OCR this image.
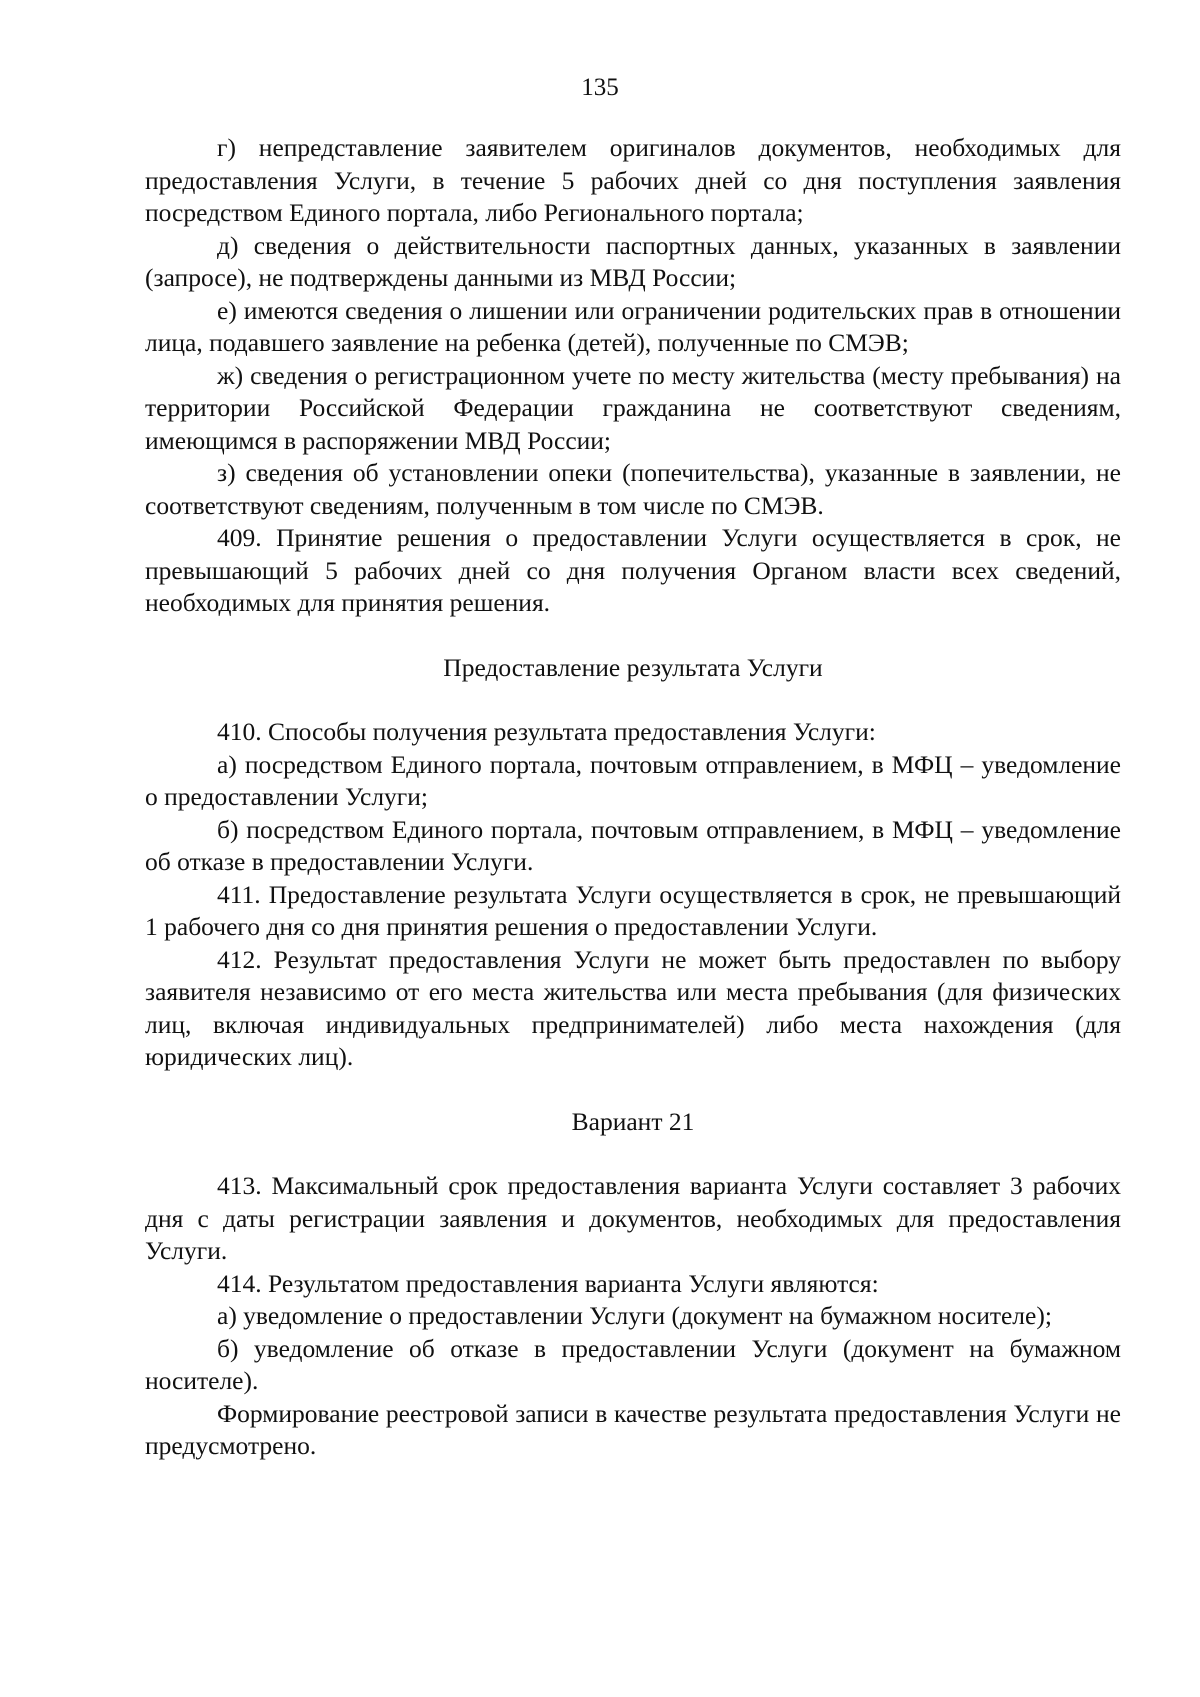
135

г) непредставление заявителем оригиналов документов, необходимых для предоставления Услуги, в течение 5 рабочих дней со дня поступления заявления посредством Единого портала, либо Регионального портала;

д) сведения о действительности паспортных данных, указанных в заявлении (запросе), не подтверждены данными из МВД России;

е) имеются сведения о лишении или ограничении родительских прав в отношении лица, подавшего заявление на ребенка (детей), полученные по СМЭВ;

ж) сведения о регистрационном учете по месту жительства (месту пребывания) на территории Российской Федерации гражданина не соответствуют сведениям, имеющимся в распоряжении МВД России;

з) сведения об установлении опеки (попечительства), указанные в заявлении, не соответствуют сведениям, полученным в том числе по СМЭВ.

409. Принятие решения о предоставлении Услуги осуществляется в срок, не превышающий 5 рабочих дней со дня получения Органом власти всех сведений, необходимых для принятия решения.

Предоставление результата Услуги

410. Способы получения результата предоставления Услуги:

а) посредством Единого портала, почтовым отправлением, в МФЦ – уведомление о предоставлении Услуги;

б) посредством Единого портала, почтовым отправлением, в МФЦ – уведомление об отказе в предоставлении Услуги.

411. Предоставление результата Услуги осуществляется в срок, не превышающий 1 рабочего дня со дня принятия решения о предоставлении Услуги.

412. Результат предоставления Услуги не может быть предоставлен по выбору заявителя независимо от его места жительства или места пребывания (для физических лиц, включая индивидуальных предпринимателей) либо места нахождения (для юридических лиц).

Вариант 21

413. Максимальный срок предоставления варианта Услуги составляет 3 рабочих дня с даты регистрации заявления и документов, необходимых для предоставления Услуги.

414. Результатом предоставления варианта Услуги являются:

а) уведомление о предоставлении Услуги (документ на бумажном носителе);

б) уведомление об отказе в предоставлении Услуги (документ на бумажном носителе).

Формирование реестровой записи в качестве результата предоставления Услуги не предусмотрено.
